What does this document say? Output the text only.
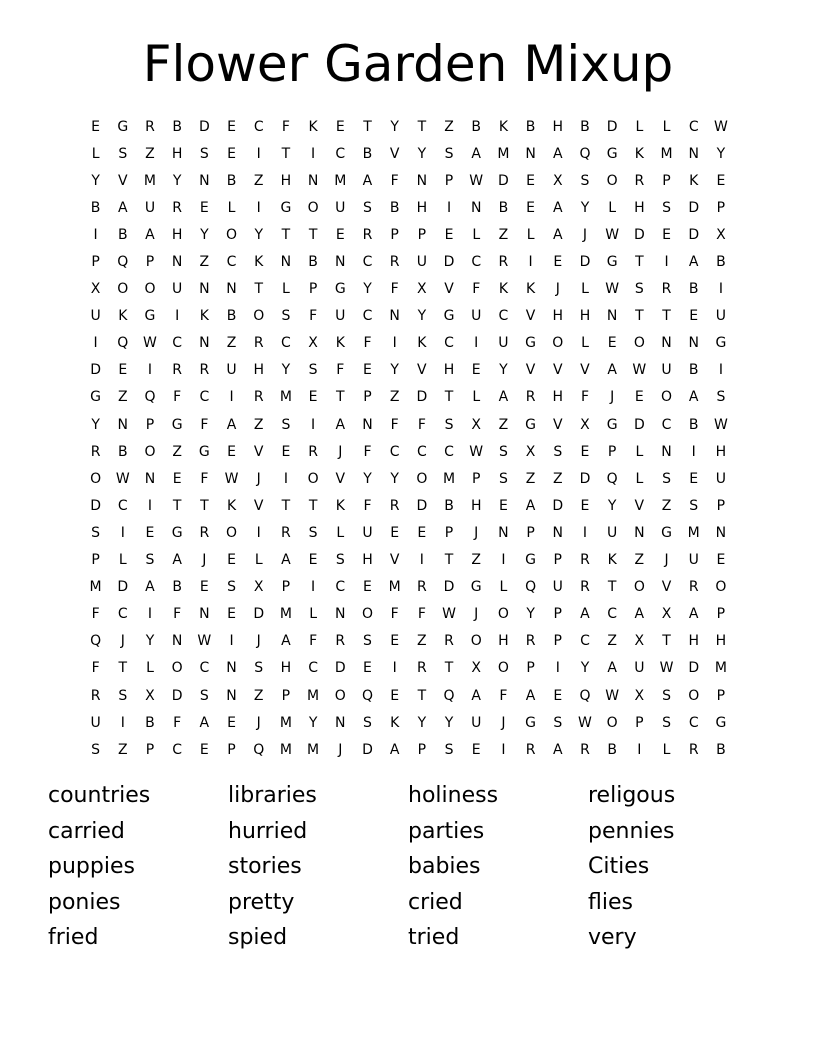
Flower Garden Mixup
E	G	R	B	D	E	C	F	K	E	T	Y	T	Z	B	K	B	H	B	D	L	L	C	W
L	S	Z	H	S	E	I	T	I	C	B	V	Y	S	A	M	N	A	Q	G	K	M	N	Y
Y	V	M	Y	N	B	Z	H	N	M	A	F	N	P	W	D	E	X	S	O	R	P	K	E
B	A	U	R	E	L	I	G	O	U	S	B	H	I	N	B	E	A	Y	L	H	S	D	P
I	B	A	H	Y	O	Y	T	T	E	R	P	P	E	L	Z	L	A	J	W	D	E	D	X
P	Q	P	N	Z	C	K	N	B	N	C	R	U	D	C	R	I	E	D	G	T	I	A	B
X	O	O	U	N	N	T	L	P	G	Y	F	X	V	F	K	K	J	L	W	S	R	B	I
U	K	G	I	K	B	O	S	F	U	C	N	Y	G	U	C	V	H	H	N	T	T	E	U
I	Q	W	C	N	Z	R	C	X	K	F	I	K	C	I	U	G	O	L	E	O	N	N	G
D	E	I	R	R	U	H	Y	S	F	E	Y	V	H	E	Y	V	V	V	A	W	U	B	I
G	Z	Q	F	C	I	R	M	E	T	P	Z	D	T	L	A	R	H	F	J	E	O	A	S
Y	N	P	G	F	A	Z	S	I	A	N	F	F	S	X	Z	G	V	X	G	D	C	B	W
R	B	O	Z	G	E	V	E	R	J	F	C	C	C	W	S	X	S	E	P	L	N	I	H
O	W	N	E	F	W	J	I	O	V	Y	Y	O	M	P	S	Z	Z	D	Q	L	S	E	U
D	C	I	T	T	K	V	T	T	K	F	R	D	B	H	E	A	D	E	Y	V	Z	S	P
S	I	E	G	R	O	I	R	S	L	U	E	E	P	J	N	P	N	I	U	N	G	M	N
P	L	S	A	J	E	L	A	E	S	H	V	I	T	Z	I	G	P	R	K	Z	J	U	E
M	D	A	B	E	S	X	P	I	C	E	M	R	D	G	L	Q	U	R	T	O	V	R	O
F	C	I	F	N	E	D	M	L	N	O	F	F	W	J	O	Y	P	A	C	A	X	A	P
Q	J	Y	N	W	I	J	A	F	R	S	E	Z	R	O	H	R	P	C	Z	X	T	H	H
F	T	L	O	C	N	S	H	C	D	E	I	R	T	X	O	P	I	Y	A	U	W	D	M
R	S	X	D	S	N	Z	P	M	O	Q	E	T	Q	A	F	A	E	Q	W	X	S	O	P
U	I	B	F	A	E	J	M	Y	N	S	K	Y	Y	U	J	G	S	W	O	P	S	C	G
S	Z	P	C	E	P	Q	M	M	J	D	A	P	S	E	I	R	A	R	B	I	L	R	B
countries	libraries	holiness	religous
carried	hurried	parties	pennies
puppies	stories	babies	Cities
ponies	pretty	cried	flies
fried	spied	tried	very
